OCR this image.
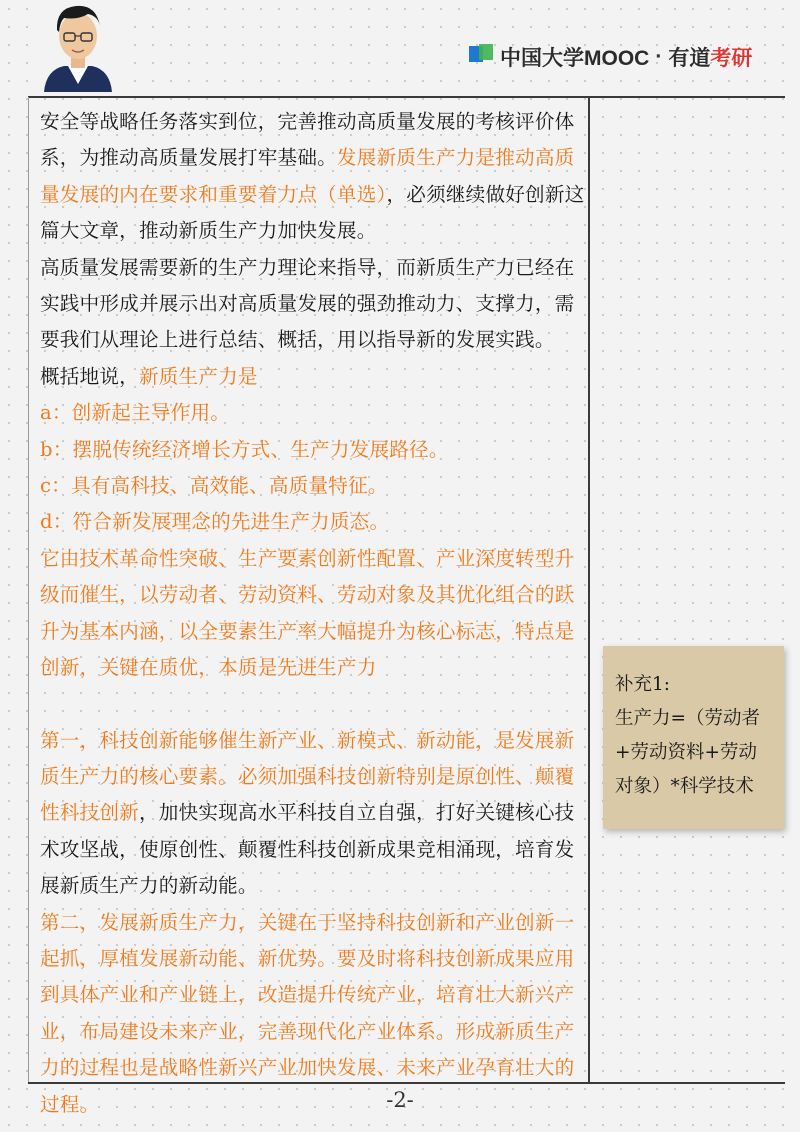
中国大学MOOC · 有道 考研

安全等战略任务落实到位，完善推动高质量发展的考核评价体系，为推动高质量发展打牢基础。发展新质生产力是推动高质量发展的内在要求和重要着力点（单选），必须继续做好创新这篇大文章，推动新质生产力加快发展。

高质量发展需要新的生产力理论来指导，而新质生产力已经在实践中形成并展示出对高质量发展的强劲推动力、支撑力，需要我们从理论上进行总结、概括，用以指导新的发展实践。

概括地说，新质生产力是

a：创新起主导作用。

b：摆脱传统经济增长方式、生产力发展路径。

c：具有高科技、高效能、高质量特征。

d：符合新发展理念的先进生产力质态。

它由技术革命性突破、生产要素创新性配置、产业深度转型升级而催生，以劳动者、劳动资料、劳动对象及其优化组合的跃升为基本内涵，以全要素生产率大幅提升为核心标志，特点是创新，关键在质优，本质是先进生产力

第一，科技创新能够催生新产业、新模式、新动能，是发展新质生产力的核心要素。必须加强科技创新特别是原创性、颠覆性科技创新，加快实现高水平科技自立自强，打好关键核心技术攻坚战，使原创性、颠覆性科技创新成果竞相涌现，培育发展新质生产力的新动能。

第二，发展新质生产力，关键在于坚持科技创新和产业创新一起抓，厚植发展新动能、新优势。要及时将科技创新成果应用到具体产业和产业链上，改造提升传统产业，培育壮大新兴产业，布局建设未来产业，完善现代化产业体系。形成新质生产力的过程也是战略性新兴产业加快发展、未来产业孕育壮大的过程。

补充1:

生产力=（劳动者+劳动资料+劳动对象）*科学技术

-2-
